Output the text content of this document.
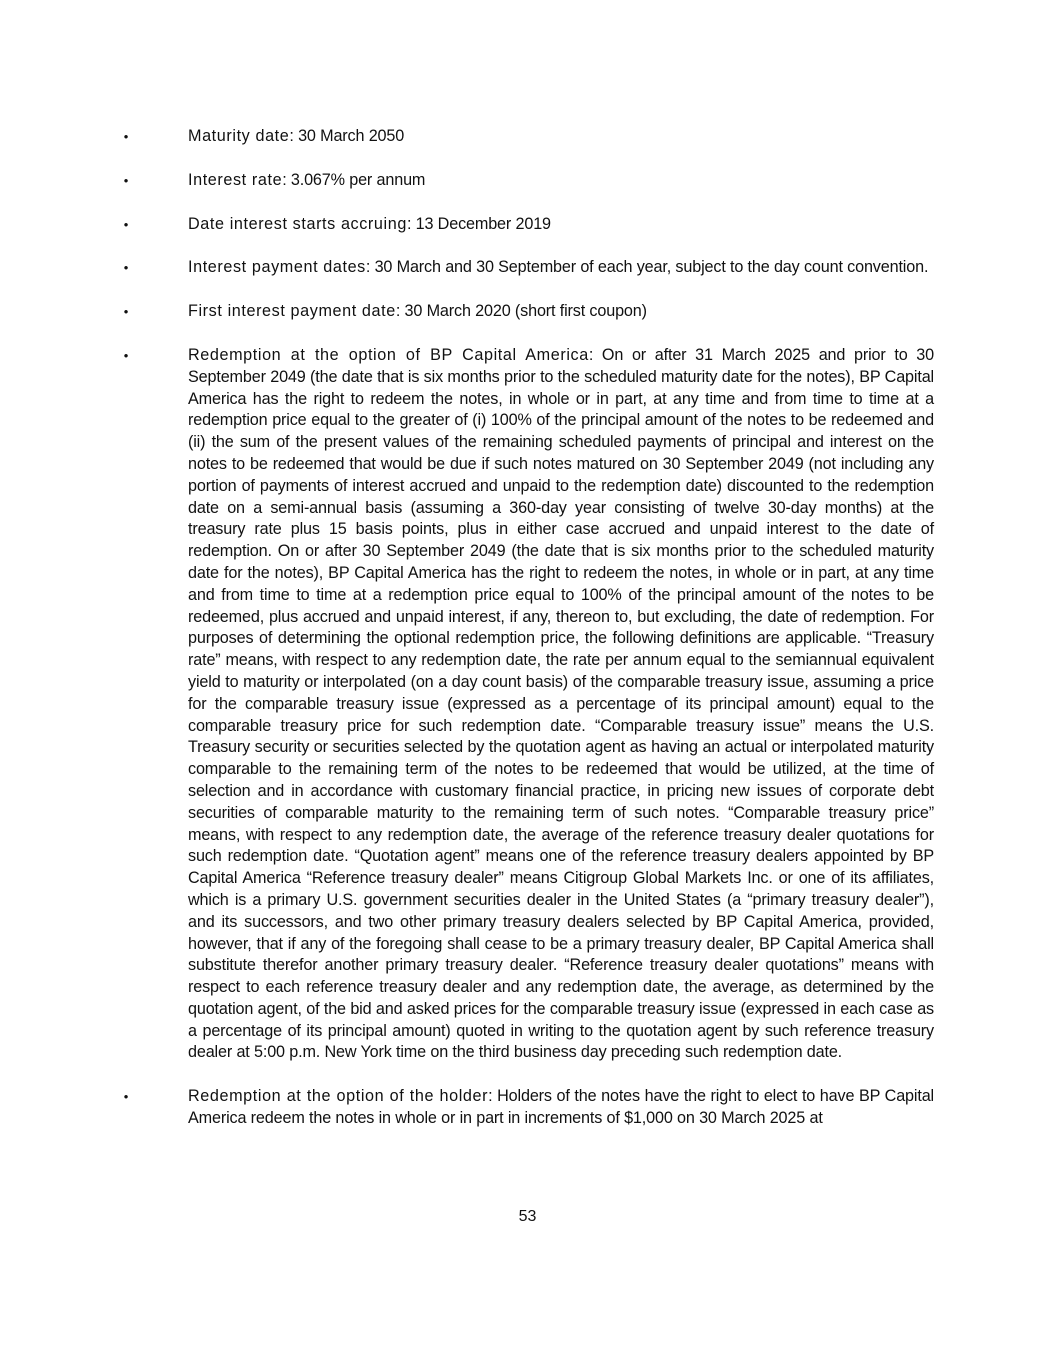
•	Maturity date: 30 March 2050
•	Interest rate: 3.067% per annum
•	Date interest starts accruing: 13 December 2019
•	Interest payment dates: 30 March and 30 September of each year, subject to the day count convention.
•	First interest payment date: 30 March 2020 (short first coupon)
•	Redemption at the option of BP Capital America: On or after 31 March 2025 and prior to 30 September 2049 (the date that is six months prior to the scheduled maturity date for the notes), BP Capital America has the right to redeem the notes, in whole or in part, at any time and from time to time at a redemption price equal to the greater of (i) 100% of the principal amount of the notes to be redeemed and (ii) the sum of the present values of the remaining scheduled payments of principal and interest on the notes to be redeemed that would be due if such notes matured on 30 September 2049 (not including any portion of payments of interest accrued and unpaid to the redemption date) discounted to the redemption date on a semi-annual basis (assuming a 360-day year consisting of twelve 30-day months) at the treasury rate plus 15 basis points, plus in either case accrued and unpaid interest to the date of redemption. On or after 30 September 2049 (the date that is six months prior to the scheduled maturity date for the notes), BP Capital America has the right to redeem the notes, in whole or in part, at any time and from time to time at a redemption price equal to 100% of the principal amount of the notes to be redeemed, plus accrued and unpaid interest, if any, thereon to, but excluding, the date of redemption. For purposes of determining the optional redemption price, the following definitions are applicable. “Treasury rate” means, with respect to any redemption date, the rate per annum equal to the semiannual equivalent yield to maturity or interpolated (on a day count basis) of the comparable treasury issue, assuming a price for the comparable treasury issue (expressed as a percentage of its principal amount) equal to the comparable treasury price for such redemption date. “Comparable treasury issue” means the U.S. Treasury security or securities selected by the quotation agent as having an actual or interpolated maturity comparable to the remaining term of the notes to be redeemed that would be utilized, at the time of selection and in accordance with customary financial practice, in pricing new issues of corporate debt securities of comparable maturity to the remaining term of such notes. “Comparable treasury price” means, with respect to any redemption date, the average of the reference treasury dealer quotations for such redemption date. “Quotation agent” means one of the reference treasury dealers appointed by BP Capital America “Reference treasury dealer” means Citigroup Global Markets Inc. or one of its affiliates, which is a primary U.S. government securities dealer in the United States (a “primary treasury dealer”), and its successors, and two other primary treasury dealers selected by BP Capital America, provided, however, that if any of the foregoing shall cease to be a primary treasury dealer, BP Capital America shall substitute therefor another primary treasury dealer. “Reference treasury dealer quotations” means with respect to each reference treasury dealer and any redemption date, the average, as determined by the quotation agent, of the bid and asked prices for the comparable treasury issue (expressed in each case as a percentage of its principal amount) quoted in writing to the quotation agent by such reference treasury dealer at 5:00 p.m. New York time on the third business day preceding such redemption date.
•	Redemption at the option of the holder: Holders of the notes have the right to elect to have BP Capital America redeem the notes in whole or in part in increments of $1,000 on 30 March 2025 at
53
